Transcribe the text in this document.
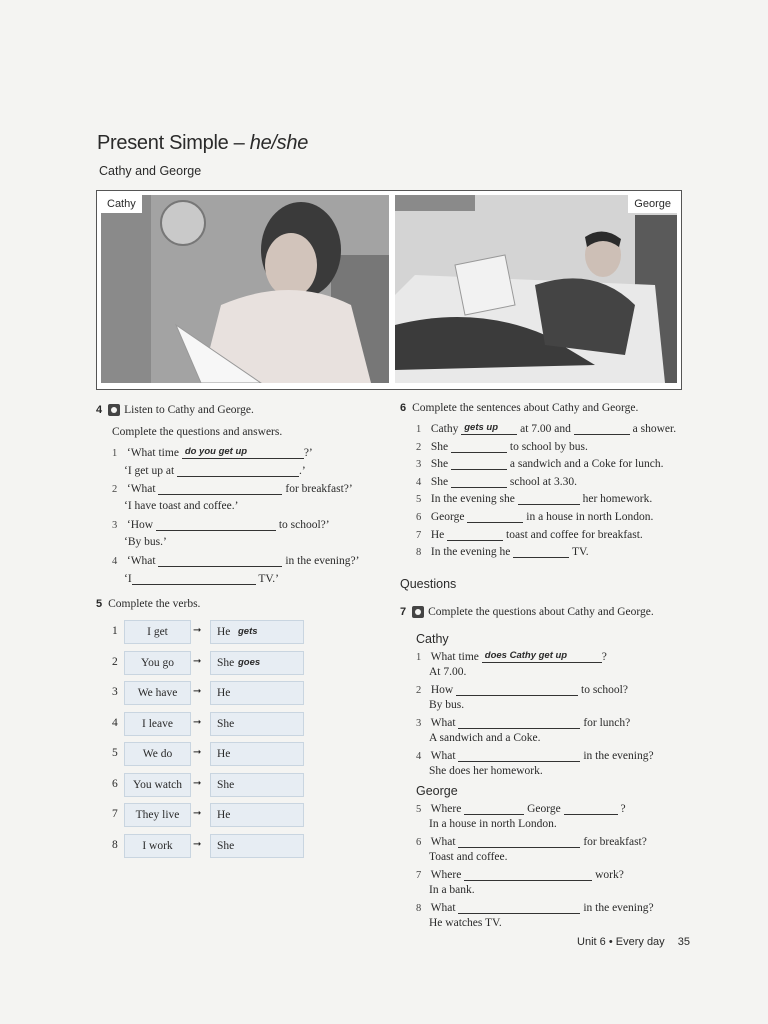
Present Simple – he/she
Cathy and George
Cathy	George
4 Listen to Cathy and George.
Complete the questions and answers.
1 ‘What time do you get up	?’
‘I get up at	.’
2 ‘What	for breakfast?’
‘I have toast and coffee.’
3 ‘How	to school?’
‘By bus.’
4 ‘What	in the evening?’
‘I	TV.’
5 Complete the verbs.
1	I get	➞ He gets
2	You go	➞ She goes
3	We have	➞ He
4	I leave	➞ She
5	We do	➞ He
6	You watch	➞ She
7	They live	➞ He
8	I work	➞ She
6 Complete the sentences about Cathy and George.
1 Cathy gets up at 7.00 and	a shower.
2 She	to school by bus.
3 She	a sandwich and a Coke for lunch.
4 She	school at 3.30.
5 In the evening she	her homework.
6 George	in a house in north London.
7 He	toast and coffee for breakfast.
8 In the evening he	TV.
Questions
7 Complete the questions about Cathy and George.
Cathy
George
1 What time does Cathy get up	?
At 7.00.
2 How	to school?
By bus.
3 What	for lunch?
A sandwich and a Coke.
4 What	in the evening?
She does her homework.
5 Where	George	?
In a house in north London.
6 What	for breakfast?
Toast and coffee.
7 Where	work?
In a bank.
8 What	in the evening?
He watches TV.
Unit 6 • Every day 35
